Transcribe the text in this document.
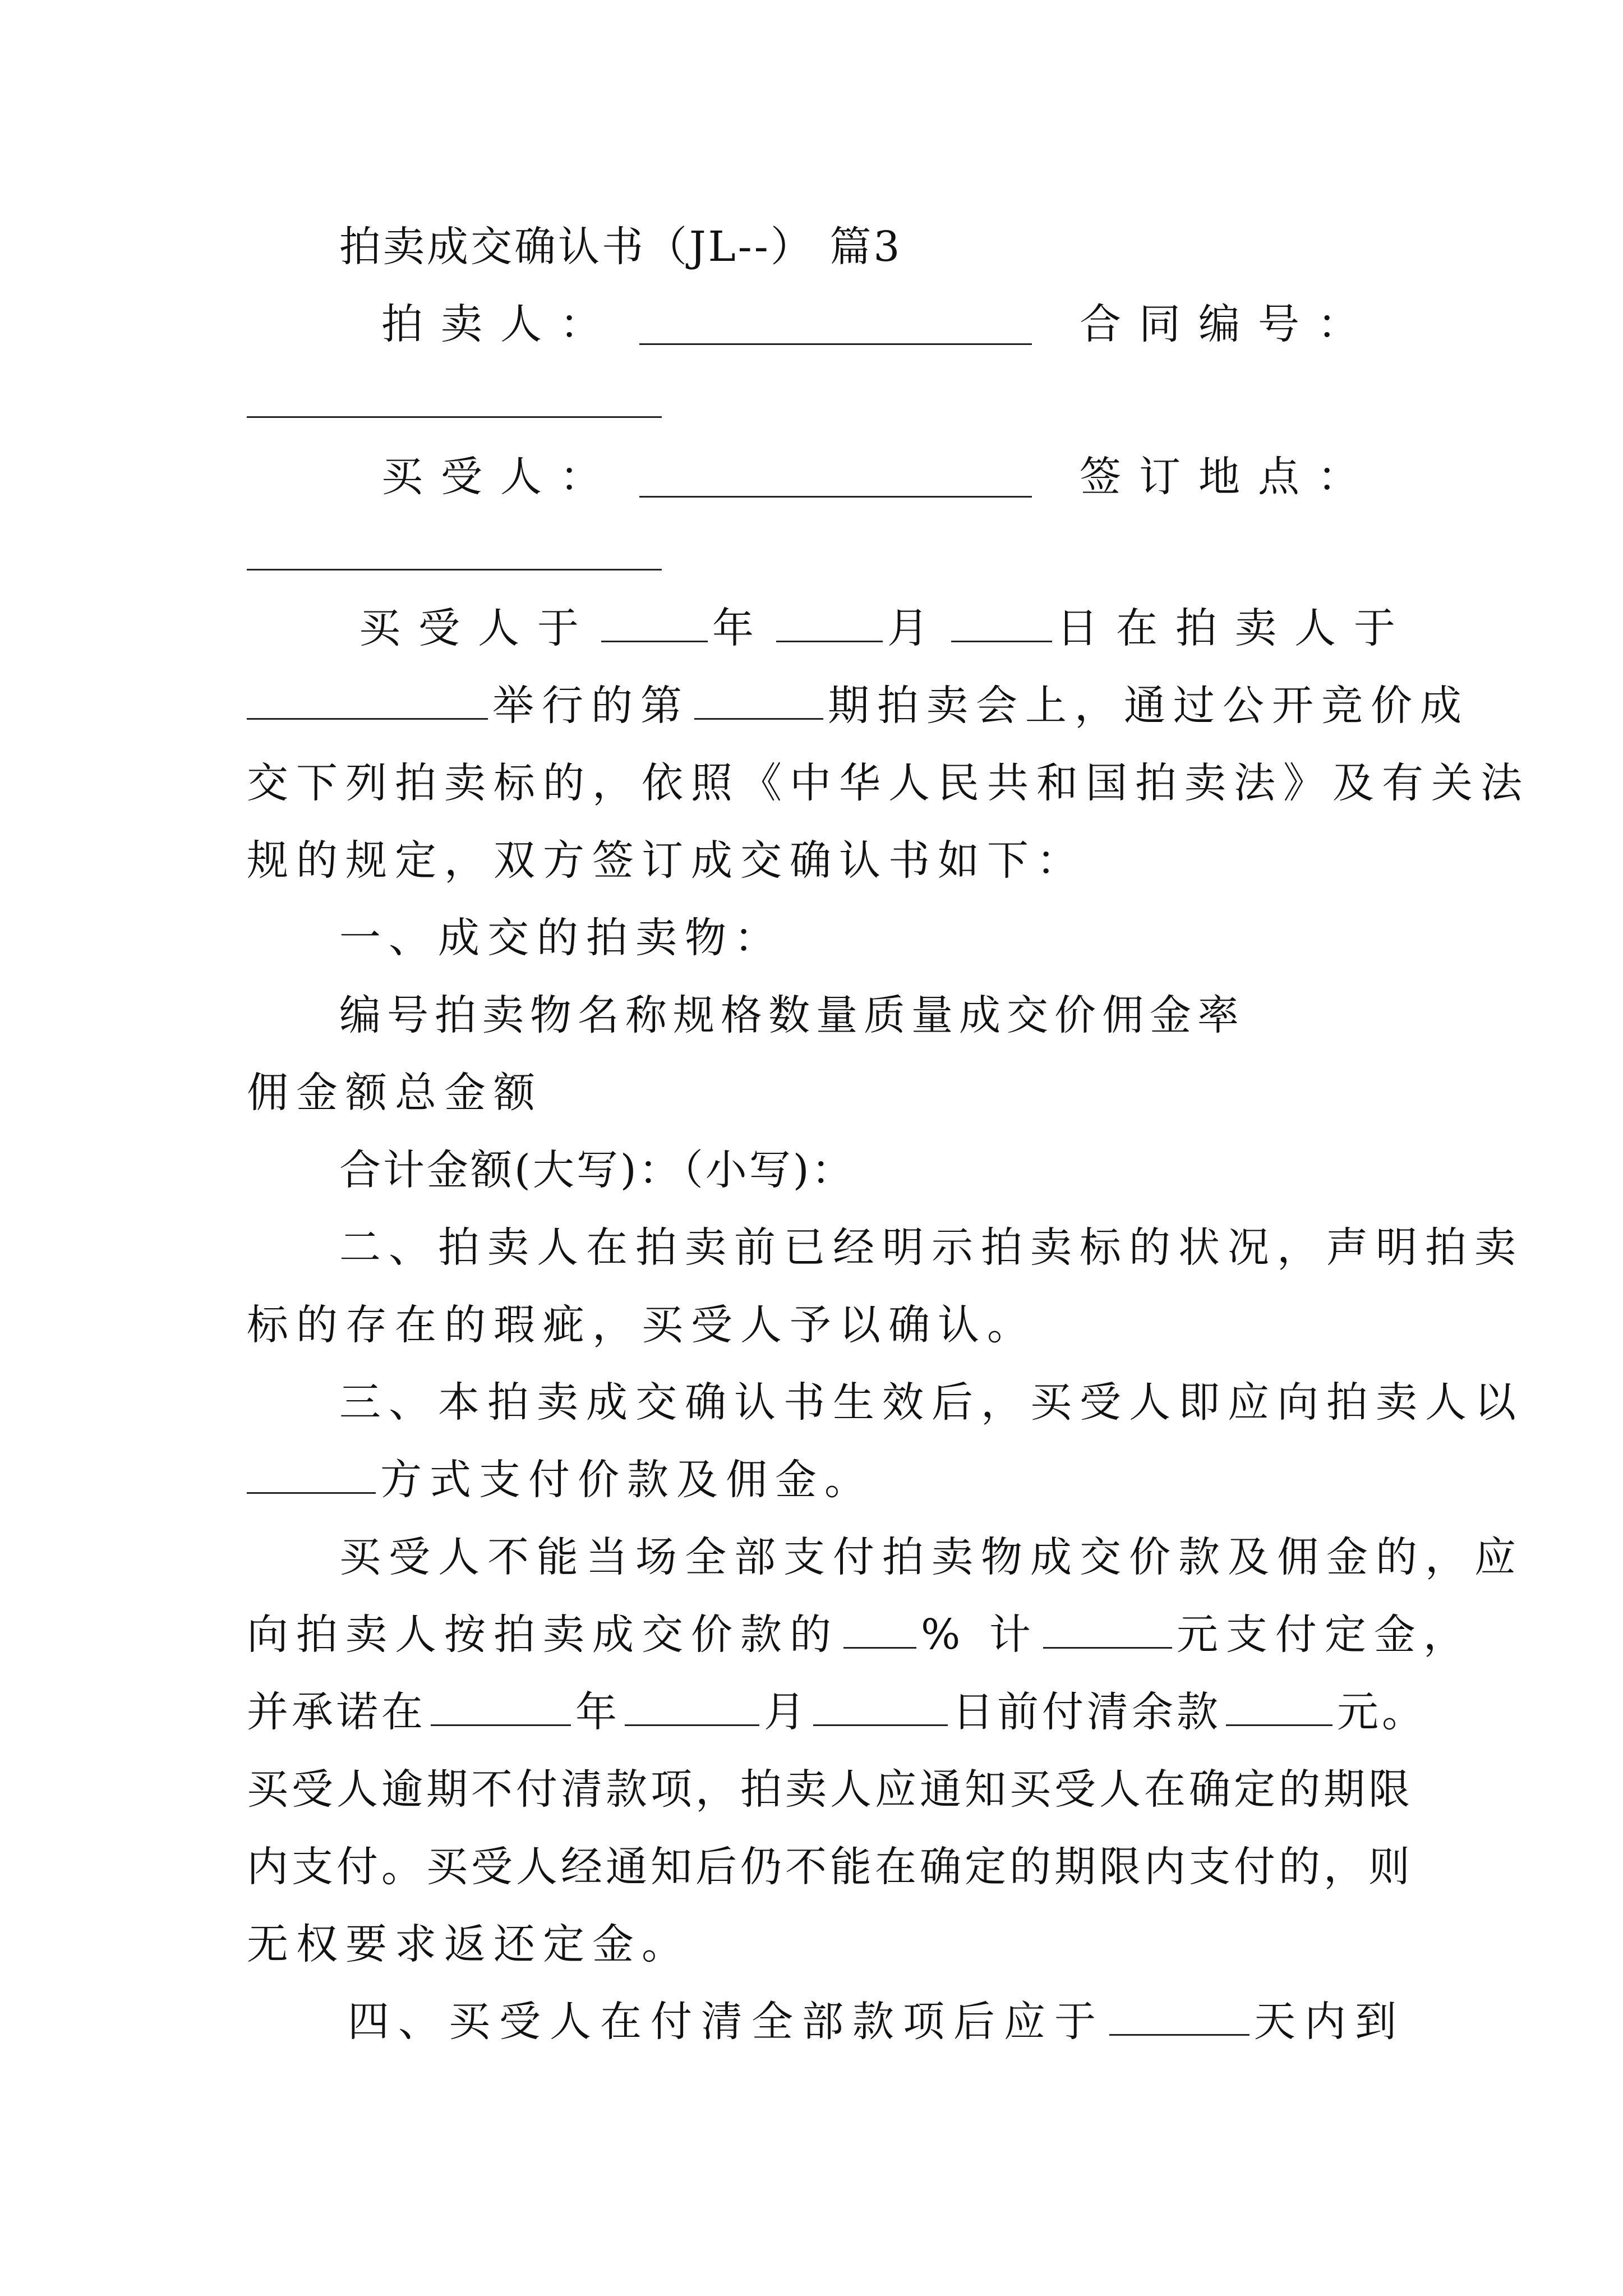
拍卖成交确认书（JL--） 篇3
拍卖人：	合同编号：
买受人：	签订地点：
买受人于	年	月	日在拍卖人于
举行的第	期拍卖会上，通过公开竞价成
交下列拍卖标的，依照《中华人民共和国拍卖法》及有关法
规的规定，双方签订成交确认书如下：
一、成交的拍卖物：
编号拍卖物名称规格数量质量成交价佣金率
佣金额总金额
合计金额(大写)：（小写)：
二、拍卖人在拍卖前已经明示拍卖标的状况，声明拍卖
标的存在的瑕疵，买受人予以确认。
三、本拍卖成交确认书生效后，买受人即应向拍卖人以
方式支付价款及佣金。
买受人不能当场全部支付拍卖物成交价款及佣金的，应
向拍卖人按拍卖成交价款的 % 计	元支付定金，
并承诺在	年	月	日前付清余款	元。
买受人逾期不付清款项，拍卖人应通知买受人在确定的期限
内支付。买受人经通知后仍不能在确定的期限内支付的，则
无权要求返还定金。
四、买受人在付清全部款项后应于	天内到
